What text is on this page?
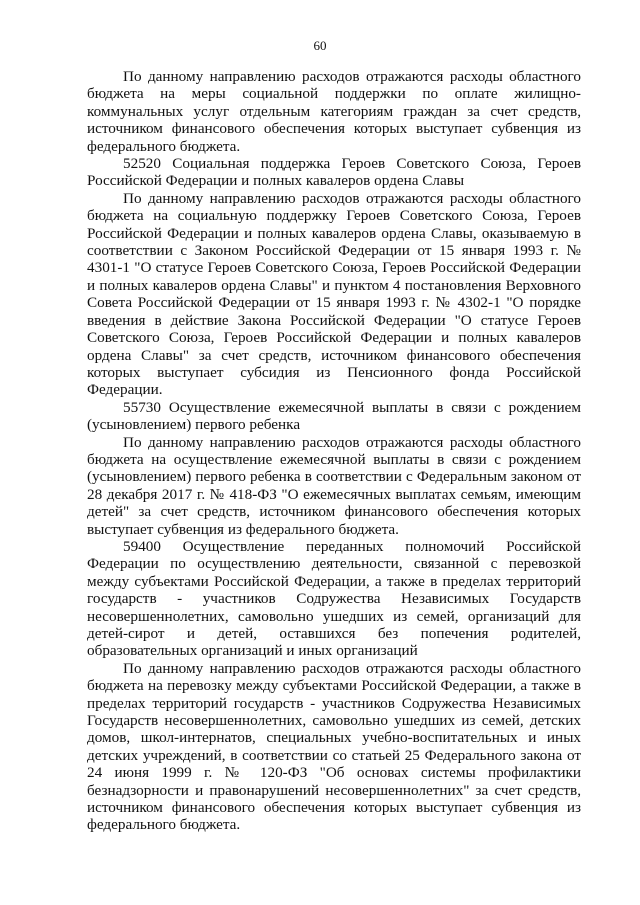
60

По данному направлению расходов отражаются расходы областного бюджета на меры социальной поддержки по оплате жилищно-коммунальных услуг отдельным категориям граждан за счет средств, источником финансового обеспечения которых выступает субвенция из федерального бюджета.

52520 Социальная поддержка Героев Советского Союза, Героев Российской Федерации и полных кавалеров ордена Славы

По данному направлению расходов отражаются расходы областного бюджета на социальную поддержку Героев Советского Союза, Героев Российской Федерации и полных кавалеров ордена Славы, оказываемую в соответствии с Законом Российской Федерации от 15 января 1993 г. № 4301-1 "О статусе Героев Советского Союза, Героев Российской Федерации и полных кавалеров ордена Славы" и пунктом 4 постановления Верховного Совета Российской Федерации от 15 января 1993 г. № 4302-1 "О порядке введения в действие Закона Российской Федерации "О статусе Героев Советского Союза, Героев Российской Федерации и полных кавалеров ордена Славы" за счет средств, источником финансового обеспечения которых выступает субсидия из Пенсионного фонда Российской Федерации.

55730 Осуществление ежемесячной выплаты в связи с рождением (усыновлением) первого ребенка

По данному направлению расходов отражаются расходы областного бюджета на осуществление ежемесячной выплаты в связи с рождением (усыновлением) первого ребенка в соответствии с Федеральным законом от 28 декабря 2017 г. № 418-ФЗ "О ежемесячных выплатах семьям, имеющим детей" за счет средств, источником финансового обеспечения которых выступает субвенция из федерального бюджета.

59400 Осуществление переданных полномочий Российской Федерации по осуществлению деятельности, связанной с перевозкой между субъектами Российской Федерации, а также в пределах территорий государств - участников Содружества Независимых Государств несовершеннолетних, самовольно ушедших из семей, организаций для детей-сирот и детей, оставшихся без попечения родителей, образовательных организаций и иных организаций

По данному направлению расходов отражаются расходы областного бюджета на перевозку между субъектами Российской Федерации, а также в пределах территорий государств - участников Содружества Независимых Государств несовершеннолетних, самовольно ушедших из семей, детских домов, школ-интернатов, специальных учебно-воспитательных и иных детских учреждений, в соответствии со статьей 25 Федерального закона от 24 июня 1999 г. № 120-ФЗ "Об основах системы профилактики безнадзорности и правонарушений несовершеннолетних" за счет средств, источником финансового обеспечения которых выступает субвенция из федерального бюджета.
